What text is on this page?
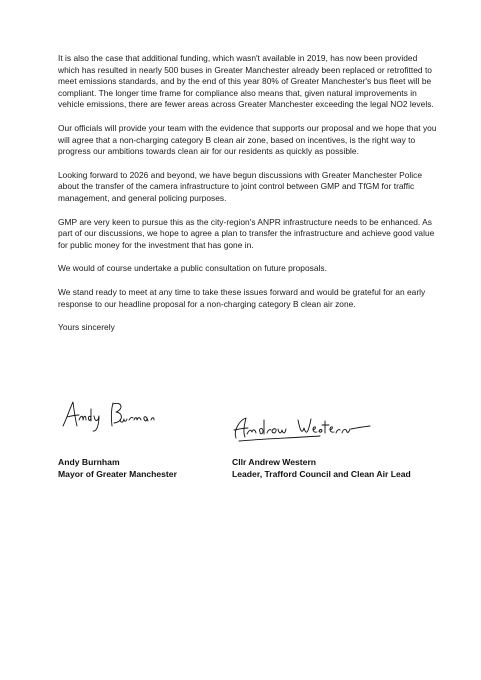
It is also the case that additional funding, which wasn't available in 2019, has now been provided which has resulted in nearly 500 buses in Greater Manchester already been replaced or retrofitted to meet emissions standards, and by the end of this year 80% of Greater Manchester's bus fleet will be compliant. The longer time frame for compliance also means that, given natural improvements in vehicle emissions, there are fewer areas across Greater Manchester exceeding the legal NO2 levels.

Our officials will provide your team with the evidence that supports our proposal and we hope that you will agree that a non-charging category B clean air zone, based on incentives, is the right way to progress our ambitions towards clean air for our residents as quickly as possible.

Looking forward to 2026 and beyond, we have begun discussions with Greater Manchester Police about the transfer of the camera infrastructure to joint control between GMP and TfGM for traffic management, and general policing purposes.

GMP are very keen to pursue this as the city-region's ANPR infrastructure needs to be enhanced. As part of our discussions, we hope to agree a plan to transfer the infrastructure and achieve good value for public money for the investment that has gone in.

We would of course undertake a public consultation on future proposals.

We stand ready to meet at any time to take these issues forward and would be grateful for an early response to our headline proposal for a non-charging category B clean air zone.

Yours sincerely

Andy Burnham
Mayor of Greater Manchester
Cllr Andrew Western
Leader, Trafford Council and Clean Air Lead
